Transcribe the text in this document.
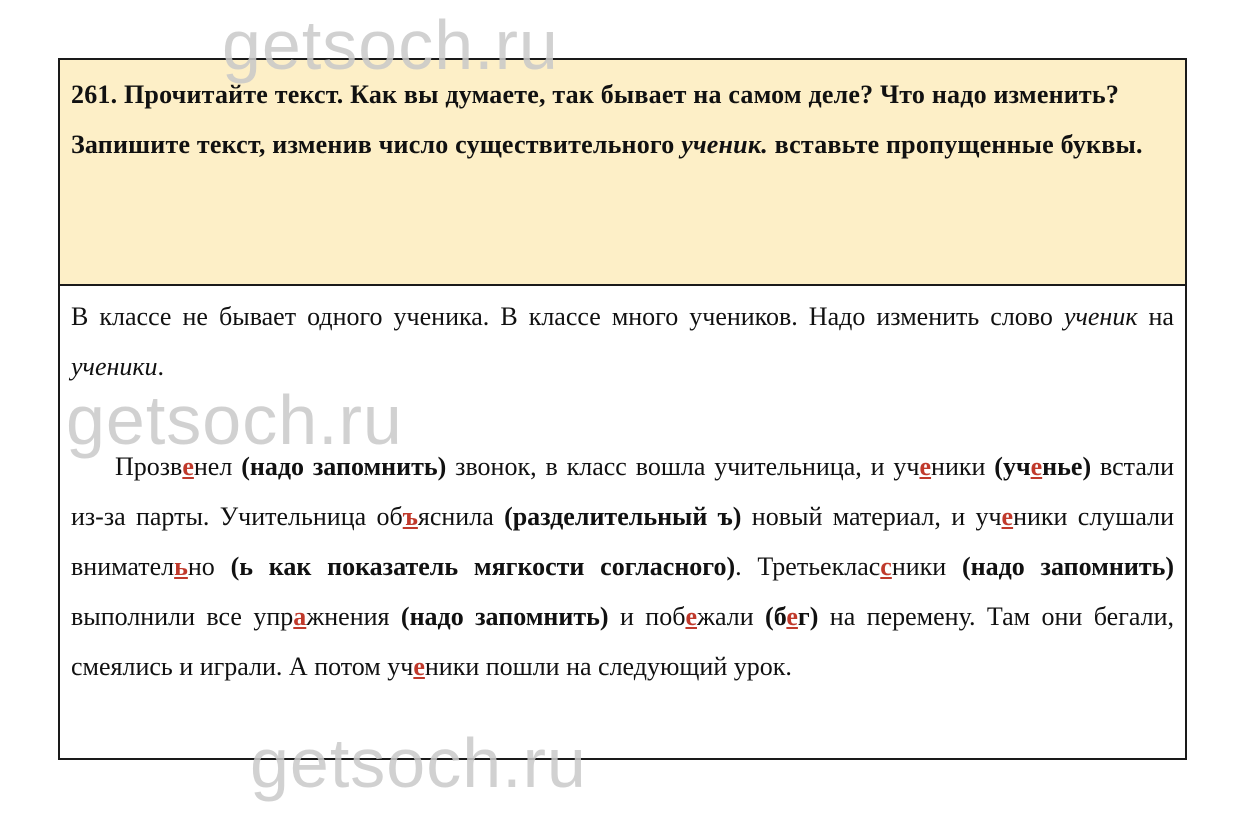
261. Прочитайте текст. Как вы думаете, так бывает на самом деле? Что надо изменить?

Запишите текст, изменив число существительного ученик. вставьте пропущенные буквы.

В классе не бывает одного ученика. В классе много учеников. Надо изменить слово ученик на ученики.

Прозвенел (надо запомнить) звонок, в класс вошла учительница, и ученики (ученье) встали из-за парты. Учительница объяснила (разделительный ъ) новый материал, и ученики слушали внимательно (ь как показатель мягкости согласного). Третьеклассники (надо запомнить) выполнили все упражнения (надо запомнить) и побежали (бег) на перемену. Там они бегали, смеялись и играли. А потом ученики пошли на следующий урок.

getsoch.ru
getsoch.ru
getsoch.ru
